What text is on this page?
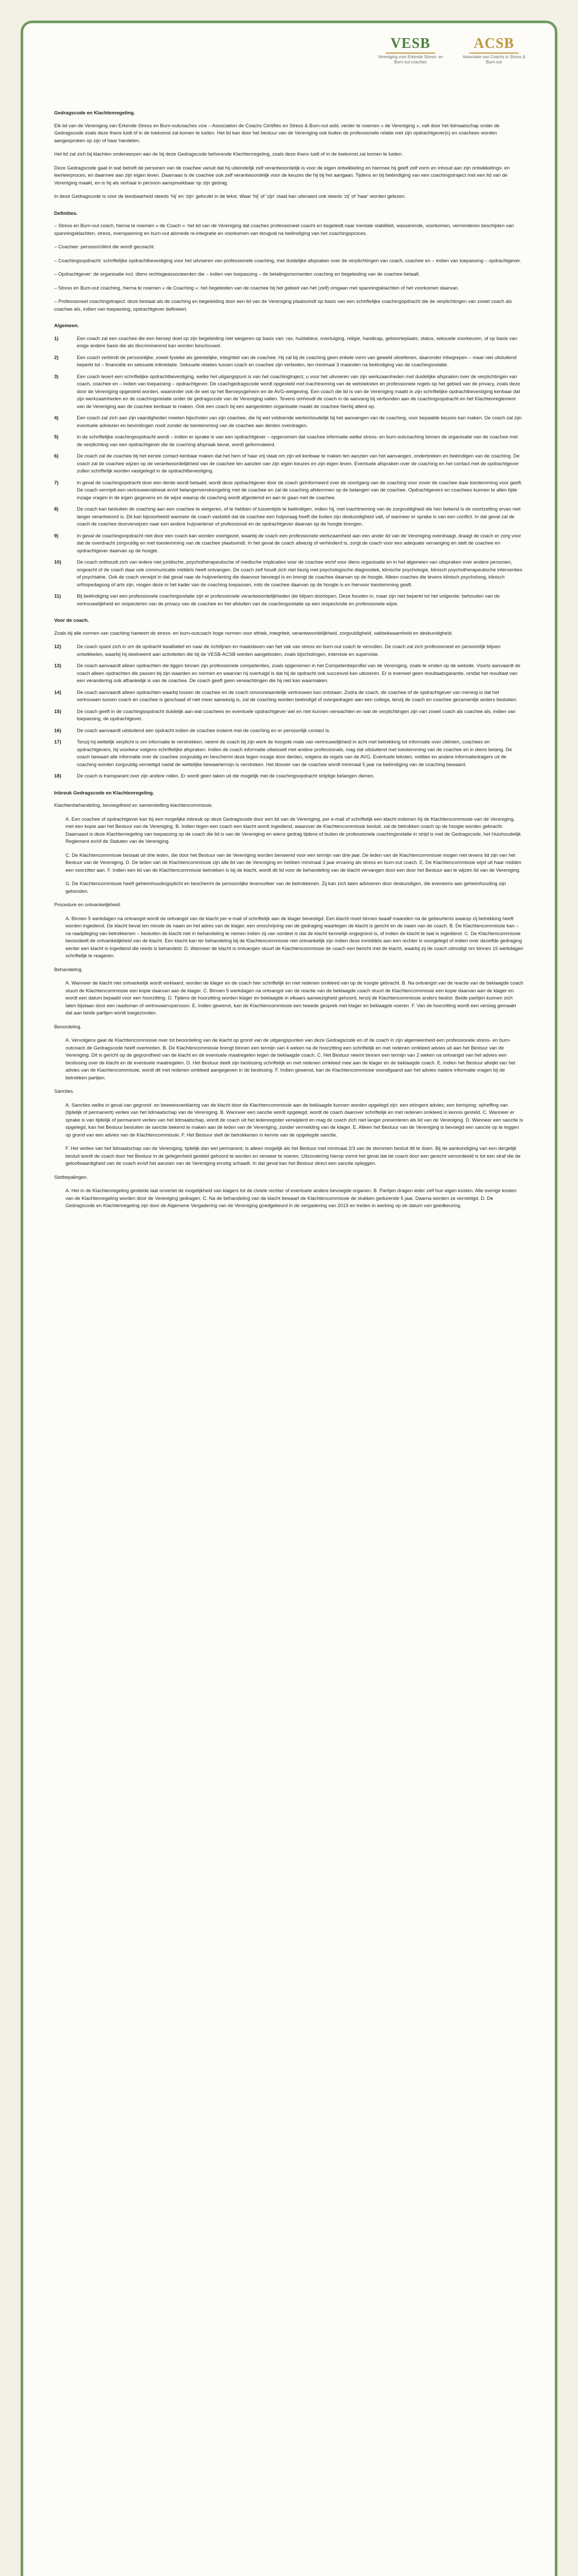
VESB
Vereniging voor Erkende Stress- en Burn-out coaches
ACSB
Associatie van Coachs in Stress & Burn-out
Gedragscode en Klachtenregeling.

Elk lid van de Vereniging van Erkende Stress en Burn-outcoaches vzw – Association de Coachs Certifiés en Stress & Burn-out asbl, verder te noemen « de Vereniging », valt door het lidmaatschap onder de Gedragscode zoals deze thans luidt of in de toekomst zal komen te luiden. Het lid kan door het bestuur van de Vereniging ook buiten de professionele relatie met zijn opdrachtgever(s) en coachees worden aangesproken op zijn of haar handelen.

Het lid zal zich bij klachten onderwerpen aan de bij deze Gedragscode behorende Klachtenregeling, zoals deze thans luidt of in de toekomst zal komen te luiden.

Deze Gedragscode gaat in wat betreft de personen van de coachee vanuit dat hij uiteindelijk zelf verantwoordelijk is voor de eigen ontwikkeling en hiermee hij geeft zelf vorm en inhoud aan zijn ontwikkelings- en leerleerproces, en daarmee aan zijn eigen leven. Daarnaas is de coachee ook zelf verantwoordelijk voor de keuzes die hij bij het aangaan. Tijdens en bij beëindiging van een coachingstraject met een lid van de Vereniging maakt, en is hij als verhaal in persoon aanspreekbaar op zijn gedrag.

In deze Gedragscode is voor de leesbaarheid steeds 'hij' en 'zijn' gebruikt in de tekst. Waar 'hij' of 'zijn' staat kan uiteraard ook steeds 'zij' of 'haar' worden gelezen.

Definities.

– Stress en Burn-out coach, hierna te noemen « de Coach »: het lid van de Vereniging dat coaches professioneel coacht en begeleidt naar mentale stabiliteit, wasserende, voorkomen, verminderen beschijden van spanningsklachten, stress, overspanning en burn-out alsmede re-integratie en voorkomen van terugval na beëindiging van het coachingsproces.

– Coachee: persoon/cliënt die wordt gecoacht.

– Coachingsopdracht: schriftelijke opdrachtbevestiging voor het uitvoeren van professionele coaching, met duidelijke afspraken over de verplichtingen van coach, coachee en – indien van toepassing – opdrachtgever.

– Opdrachtgever: de organisatie incl. diens rechtsgeassocieerden die – indien van toepassing – de betalingsmomenten coaching en begeleiding van de coachee betaalt.

– Stress en Burn-out coaching, hierna te noemen « de Coaching »: het begeleiden van de coachee bij het gebied van het (zelf) omgaan met spanningsklachten of het voorkomen daarvan.

– Professioneel coachingstraject: deze bestaat als de coaching en begeleiding door een lid van de Vereniging plaatsvindt op basis van een schriftelijke coachingopdracht die de verplichtingen van zowel coach als coachee als, indien van toepassing, opdrachtgever definieert.

Algemeen.
1)	Een coach zal een coachee die een beroep doet op zijn begeleiding niet weigeren op basis van: ras, huidskleur, overtuiging, religie, handicap, geboorteplaats, status, seksuele voorkeuren, of op basis van enige andere basis die als discriminerend kan worden beschouwd.
2)	Een coach verbindt de persoonlijke, zowel fysieke als geestelijke, integriteit van de coachee. Hij zal bij de coaching geen enkele vorm van geweld uitoefenen, daaronder inbegrepen – maar niet uitsluitend beperkt tot – financiële en seksuele intimidatie. Seksuele relaties tussen coach en coachee zijn verboden, ten minimaal 3 maanden na beëindiging van de coachingsrelatie.
3)	Een coach levert een schriftelijke opdrachtbevestiging, welke het uitgangspunt is van het coachingtraject, u voor het uitvoeren van zijn werkzaamheden met duidelijke afspraken over de verplichtingen van coach, coachee en – indien van toepassing – opdrachtgever. De coachgedragscode wordt opgesteld met inachtneming van de wetsteksten en professionele regels op het gebied van de privacy, zoals deze door de Vereniging opgesteld worden, waaronder ook de wet op het Beroepsgeheim en de AVG-wetgeving. Een coach die lid is van de Vereniging maakt in zijn schriftelijke opdrachtbevestiging kenbaar dat zijn werkzaamheden en de coachingsrelatie onder de gedragscode van de Vereniging vallen. Tevens omhoudt de coach in de aanvang bij verbonden aan de coachingsopdracht en het Klachtenreglement van de Vereniging aan de coachee kenbaar te maken. Ook een coach bij een aangesloten organisatie maakt de coachee hierbij attent op.
4)	Een coach zal zich aan zijn vaardigheden moeten bijscholen van zijn coachee, die hij wel voldoende werkinhoudelijk bij het aanvangen van de coaching, voor bepaalde keuzes kan maken. De coach zal zijn eventuele adviezen en bevindingen nooit zonder de toestemming van de coachee aan derden overdragen.
5)	In de schriftelijke coachingsopdracht wordt – indien er sprake is van een opdrachtgever – opgenomen dat coachee informatie welke stress- en burn-outcoaching binnen de organisatie van de coachee met de verplichting van een opdrachtgever die de coaching afspraak bevat, wordt geformuleerd.
6)	De coach zal de coachee bij het eerste contact kenbaar maken dat het hem of haar vrij staat om zijn wil kenbaar te maken ten aanzien van het aanvangen, onderbreken en beëindigen van de coaching. De coach zal de coachee wijzen op de verantwoordelijkheid van de coachee ten aanzien van zijn eigen keuzes en zijn eigen leven. Eventuele afspraken over de coaching en het contact met de opdrachtgever zullen schriftelijk worden vastgelegd in de opdrachtbevestiging.
7)	In geval de coachingopdracht door een derde wordt betaald, wordt deze opdrachtgever door de coach geïnformeerd over de voortgang van de coaching voor zover de coachee daar toestemming voor geeft. De coach vermijdt een vertrouwensbreuk en/of belangenverstrengeling met de coachee en zal de coaching afstemmen op de belangen van de coachee. Opdrachtgevers en coachees kunnen te allen tijde inzage vragen in de eigen gegevens en de wijze waarop de coaching wordt afgestemd en aan te gaan met de coachee.
8)	De coach kan besluiten de coaching aan een coachee te weigeren, of te hebben of tussentijds te beëindigen, indien hij, met inachtneming van de zorgvuldigheid die hen bekend is de voortzetting ervan niet langer verantwoord is. Dit kan bijvoorbeeld wanneer de coach vaststelt dat de coachee een hulpvraag heeft die buiten zijn deskundigheid valt, of wanneer er sprake is van een conflict. In dat geval zal de coach de coachee doorverwijzen naar een andere hulpverlener of professional en de opdrachtgever daarvan op de hoogte brengen.
9)	In geval de coachingsopdracht niet door een coach kan worden voortgezet, waarbij de coach een professionele werkzaamheid aan een ander lid van de Vereniging overdraagt, draagt de coach er zorg voor dat de overdracht zorgvuldig en met toestemming van de coachee plaatsvindt. In het geval de coach afwezig of verhinderd is, zorgt de coach voor een adequate vervanging en stelt de coachee en opdrachtgever daarvan op de hoogte.
10)	De coach onthoudt zich van iedere niet juridische, psychotherapeutische of medische implicaties voor de coachee en/of voor diens organisatie en in het algemeen van uitspraken over andere personen, ongeacht of de coach daar ook communicatie middels heeft ontvangen. De coach zelf houdt zich niet bezig met psychologische diagnostiek, klinische psychologie, klinisch psychotherapeutische interventies of psychiatrie. Ook de coach verwijst in dat geval naar de hulpverlening die daarvoor bevoegd is en brengt de coachee daarvan op de hoogte. Alleen coaches die tevens klinisch psychoIoog, klinisch orthopedagoog of arts zijn, mogen deze in het kader van de coaching toepassen, mits de coachee daarvan op de hoogte is en hiervoor toestemming geeft.
11)	Bij beëindiging van een professionele coachingsrelatie zijn er professionele verantwoordelijkheden die blijven doorlopen. Deze houden in, maar zijn niet beperkt tot het volgende: behouden van de vertrouwelijkheid en respecteren van de privacy van de coachee en het afsluiten van de coachingsrelatie op een respectvolle en professionele wijze.
Voor de coach.

Zoals bij alle normen van coaching hanteert de stress- en burn-outcoach hoge normen voor ethiek, integriteit, verantwoordelijkheid, zorgvuldigheid, vakbekwaamheid en deskundigheid.

12)	De coach spant zich in om de opdracht kwalitatief en naar de richtlijnen en maatstaven van het vak van stress en burn-out coach te vervullen. De coach zal zich professioneel en persoonlijk blijven ontwikkelen, waarbij hij deelneemt aan activiteiten die bij de VESB-ACSB worden aangeboden, zoals bijscholingen, intervisie en supervisie.
13)	De coach aanvaardt alleen opdrachten die liggen binnen zijn professionele competenties, zoals opgenomen in het Competentieprofiel van de Vereniging, zoals te vinden op de website. Voorts aanvaardt de coach alleen opdrachten die passen bij zijn waarden en normen en waarvan hij overtuigd is dat hij de opdracht ook succesvol kan uitvoeren. Er is evenwel geen resultaatsgarantie, omdat het resultaat van een verandering ook afhankelijk is van de coachee. De coach geeft geen verwachtingen die hij niet kan waarmaken.
14)	De coach aanvaardt alleen opdrachten waarbij tussen de coachee en de coach onvoorwaardelijk vertrouwen kan ontstaan. Zodra de coach, de coachee of de opdrachtgever van mening is dat het vertrouwen tussen coach en coachee is geschaad of niet meer aanwezig is, zal de coaching worden beëindigd of overgedragen aan een collega, tenzij de coach en coachee gezamenlijk anders besluiten.
15)	De coach geeft in de coachingsopdracht duidelijk aan wat coachees en eventuele opdrachtgever wel en niet kunnen verwachten en wat de verplichtingen zijn van zowel coach als coachee als, indien van toepassing, de opdrachtgever.
16)	De coach aanvaardt uitsluitend een opdracht indien de coachee instemt met de coaching en er persoonlijk contact is.
17)	Tenzij hij wettelijk verplicht is om informatie te verstrekken, neemt de coach bij zijn werk de hoogste mate van vertrouwelijkheid in acht met betrekking tot informatie over cliënten, coachees en opdrachtgevers, bij voorkeur volgens schriftelijke afspraken. Indien de coach informatie uitwisselt met andere professionals, mag dat uitsluitend met toestemming van de coachee en in diens belang. De coach bewaart alle informatie over de coachee zorgvuldig en beschermt deze tegen inzage door derden, volgens de regels van de AVG. Eventuele teksten, notities en andere informatiedragers uit de coaching worden zorgvuldig vernietigd nadat de wettelijke bewaartermijn is verstreken. Het dossier van de coachee wordt minimaal 5 jaar na beëindiging van de coaching bewaard.
18)	De coach is transparant over zijn andere rollen. Er wordt geen taken uit die mogelijk met de coachingsopdracht strijdige belangen dienen.
Inbreuk Gedragscode en Klachtenregeling.

Klachtenbehandeling, bevoegdheid en samenstelling klachtencommissie.

A. Een coachee of opdrachtgever kan bij een mogelijke inbreuk op deze Gedragscode door een lid van de Vereniging, per e-mail of schriftelijk een klacht indienen bij de Klachtencommissie van de Vereniging, met een kopie aan het Bestuur van de Vereniging. B. Indien tegen een coach een klacht wordt ingediend, waarover de Klachtencommissie besluit, zal de betrokken coach op de hoogte worden gebracht. Daarnaast is deze Klachtenregeling van toepassing op de coach die lid is van de Vereniging en wiens gedrag tijdens of buiten de professionele coachingsrelatie in strijd is met de Gedragscode, het Huishoudelijk Reglement en/of de Statuten van de Vereniging.

C. De Klachtencommissie bestaat uit drie leden, die door het Bestuur van de Vereniging worden benoemd voor een termijn van drie jaar. De leden van de Klachtencommissie mogen niet tevens lid zijn van het Bestuur van de Vereniging. D. De leden van de Klachtencommissie zijn alle lid van de Vereniging en hebben minimaal 3 jaar ervaring als stress en burn-out coach. E. De Klachtencommissie wijst uit haar midden een voorzitter aan. F. Indien een lid van de Klachtencommissie betrokken is bij de klacht, wordt dit lid voor de behandeling van de klacht vervangen door een door het Bestuur aan te wijzen lid van de Vereniging.

G. De Klachtencommissie heeft geheimhoudingsplicht en beschermt de persoonlijke levenssfeer van de betrokkenen. Zij kan zich laten adviseren door deskundigen, die eveneens aan geheimhouding zijn gebonden.

Procedure en ontvankelijkheid.

A. Binnen 5 werkdagen na ontvangst wordt de ontvangst van de klacht per e-mail of schriftelijk aan de klager bevestigd. Een klacht moet binnen twaalf maanden na de gebeurtenis waarop zij betrekking heeft worden ingediend. De klacht bevat ten minste de naam en het adres van de klager, een omschrijving van de gedraging waartegen de klacht is gericht en de naam van de coach. B. De Klachtencommissie kan – na raadpleging van betrokkenen – besluiten de klacht niet in behandeling te nemen indien zij van oordeel is dat de klacht kennelijk ongegrond is, of indien de klacht te laat is ingediend. C. De Klachtencommissie beoordeelt de ontvankelijkheid van de klacht. Een klacht kan ter behandeling bij de Klachtencommissie niet ontvankelijk zijn indien deze inmiddels aan een rechter is voorgelegd of indien over dezelfde gedraging eerder een klacht is ingediend die reeds is behandeld. D. Wanneer de klacht is ontvangen stuurt de Klachtencommissie de coach een bericht met de klacht, waarbij zij de coach uitnodigt om binnen 15 werkdagen schriftelijk te reageren.

Behandeling.

A. Wanneer de klacht niet ontvankelijk wordt verklaard, worden de klager en de coach hier schriftelijk en met redenen omkleed van op de hoogte gebracht. B. Na ontvangst van de reactie van de beklaagde coach stuurt de Klachtencommissie een kopie daarvan aan de klager. C. Binnen 5 werkdagen na ontvangst van de reactie van de beklaagde coach stuurt de Klachtencommissie een kopie daarvan aan de klager en wordt een datum bepaald voor een hoorzitting. D. Tijdens de hoorzitting worden klager en beklaagde in elkaars aanwezigheid gehoord, tenzij de Klachtencommissie anders beslist. Beide partijen kunnen zich laten bijstaan door een raadsman of vertrouwenspersoon. E. Indien gewenst, kan de Klachtencommissie een tweede gesprek met klager en beklaagde voeren. F. Van de hoorzitting wordt een verslag gemaakt dat aan beide partijen wordt toegezonden.

Beoordeling.

A. Vervolgens gaat de Klachtencommissie over tot beoordeling van de klacht op grond van de uitgangspunten van deze Gedragscode en of de coach in zijn algemeenheid een professionele stress- en burn-outcoach de Gedragscode heeft overtreden. B. De Klachtencommissie brengt binnen een termijn van 4 weken na de hoorzitting een schriftelijk en met redenen omkleed advies uit aan het Bestuur van de Vereniging. Dit is gericht op de gegrondheid van de klacht en de eventuele maatregelen tegen de beklaagde coach. C. Het Bestuur neemt binnen een termijn van 2 weken na ontvangst van het advies een beslissing over de klacht en de eventuele maatregelen. D. Het Bestuur deelt zijn beslissing schriftelijk en met redenen omkleed mee aan de klager en de beklaagde coach. E. Indien het Bestuur afwijkt van het advies van de Klachtencommissie, wordt dit met redenen omkleed aangegeven in de beslissing. F. Indien gewenst, kan de Klachtencommissie voorafgaand aan het advies nadere informatie vragen bij de betrokken partijen.

Sancties.

A. Sancties welke in geval van gegrond- en beeweisverklaring van de klacht door de Klachtencommissie aan de beklaagde kunnen worden opgelegd zijn: een stringent advies; een berisping; opheffing van (tijdelijk of permanent) verlies van het lidmaatschap van de Vereniging. B. Wanneer een sanctie wordt opgelegd, wordt de coach daarover schriftelijk en met redenen omkleed in kennis gesteld. C. Wanneer er sprake is van tijdelijk of permanent verlies van het lidmaatschap, wordt de coach uit het ledenregister verwijderd en mag de coach zich niet langer presenteren als lid van de Vereniging. D. Wanneer een sanctie is opgelegd, kan het Bestuur besluiten de sanctie bekend te maken aan de leden van de Vereniging, zonder vermelding van de klager. E. Alleen het Bestuur van de Vereniging is bevoegd een sanctie op te leggen op grond van een advies van de Klachtencommissie. F. Het Bestuur stelt de betrokkenen in kennis van de opgelegde sanctie.

F. Het verlies van het lidmaatschap van de Vereniging, tijdelijk dan wel permanent, is alleen mogelijk als het Bestuur met minimaal 2/3 van de stemmen besluit dit te doen. Bij de aankondiging van een dergelijk besluit wordt de coach door het Bestuur in de gelegenheid gesteld gehoord te worden en verweer te voeren. Uitzondering hierop vormt het geval dat de coach door een gerecht veroordeeld is tot een straf die de geloofwaardigheid van de coach en/of het aanzien van de Vereniging ernstig schaadt. In dat geval kan het Bestuur direct een sanctie opleggen.

Slotbepalingen.

A. Het in de Klachtenregeling gestelde laat onverlet de mogelijkheid van klagers tot de civiele rechter of eventuele andere bevoegde organen. B. Partijen dragen ieder zelf hun eigen kosten. Alle overige kosten van de Klachtenregeling worden door de Vereniging gedragen. C. Na de behandeling van de klacht bewaart de Klachtencommissie de stukken gedurende 5 jaar. Daarna worden ze vernietigd. D. De Gedragscode en Klachtenregeling zijn door de Algemene Vergadering van de Vereniging goedgekeurd in de vergadering van 2019 en treden in werking op de datum van goedkeuring.
